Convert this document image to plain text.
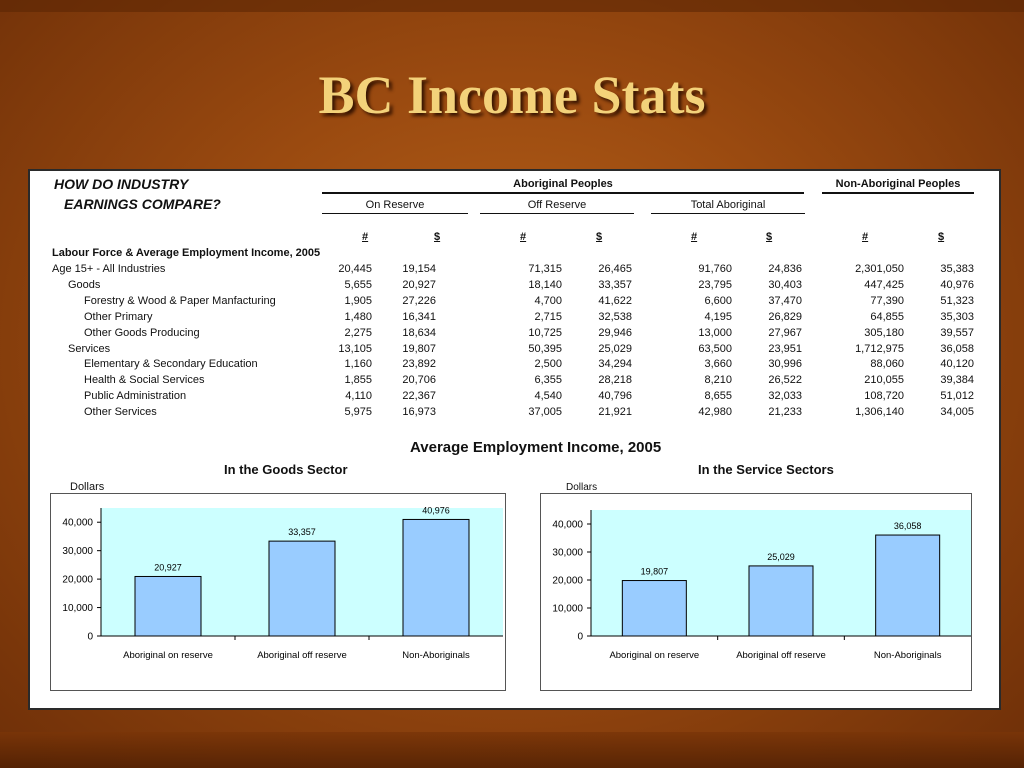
BC Income Stats
HOW DO INDUSTRY
EARNINGS COMPARE?
Aboriginal Peoples	Non-Aboriginal Peoples
On Reserve	Off Reserve	Total Aboriginal
#	$	#	$	#	$	#	$
Labour Force & Average Employment Income, 2005
Age 15+ - All Industries	20,445	19,154	71,315	26,465	91,760	24,836	2,301,050	35,383
Goods	5,655	20,927	18,140	33,357	23,795	30,403	447,425	40,976
Forestry & Wood & Paper Manfacturing	1,905	27,226	4,700	41,622	6,600	37,470	77,390	51,323
Other Primary	1,480	16,341	2,715	32,538	4,195	26,829	64,855	35,303
Other Goods Producing	2,275	18,634	10,725	29,946	13,000	27,967	305,180	39,557
Services	13,105	19,807	50,395	25,029	63,500	23,951	1,712,975	36,058
Elementary & Secondary Education	1,160	23,892	2,500	34,294	3,660	30,996	88,060	40,120
Health & Social Services	1,855	20,706	6,355	28,218	8,210	26,522	210,055	39,384
Public Administration	4,110	22,367	4,540	40,796	8,655	32,033	108,720	51,012
Other Services	5,975	16,973	37,005	21,921	42,980	21,233	1,306,140	34,005
Average Employment Income, 2005
In the Goods Sector	In the Service Sectors
Dollars	Dollars
0
10,000
20,000
30,000
40,000
20,927
Aboriginal on reserve
33,357
Aboriginal off reserve
40,976
Non-Aboriginals
0
10,000
20,000
30,000
40,000
19,807
Aboriginal on reserve
25,029
Aboriginal off reserve
36,058
Non-Aboriginals
